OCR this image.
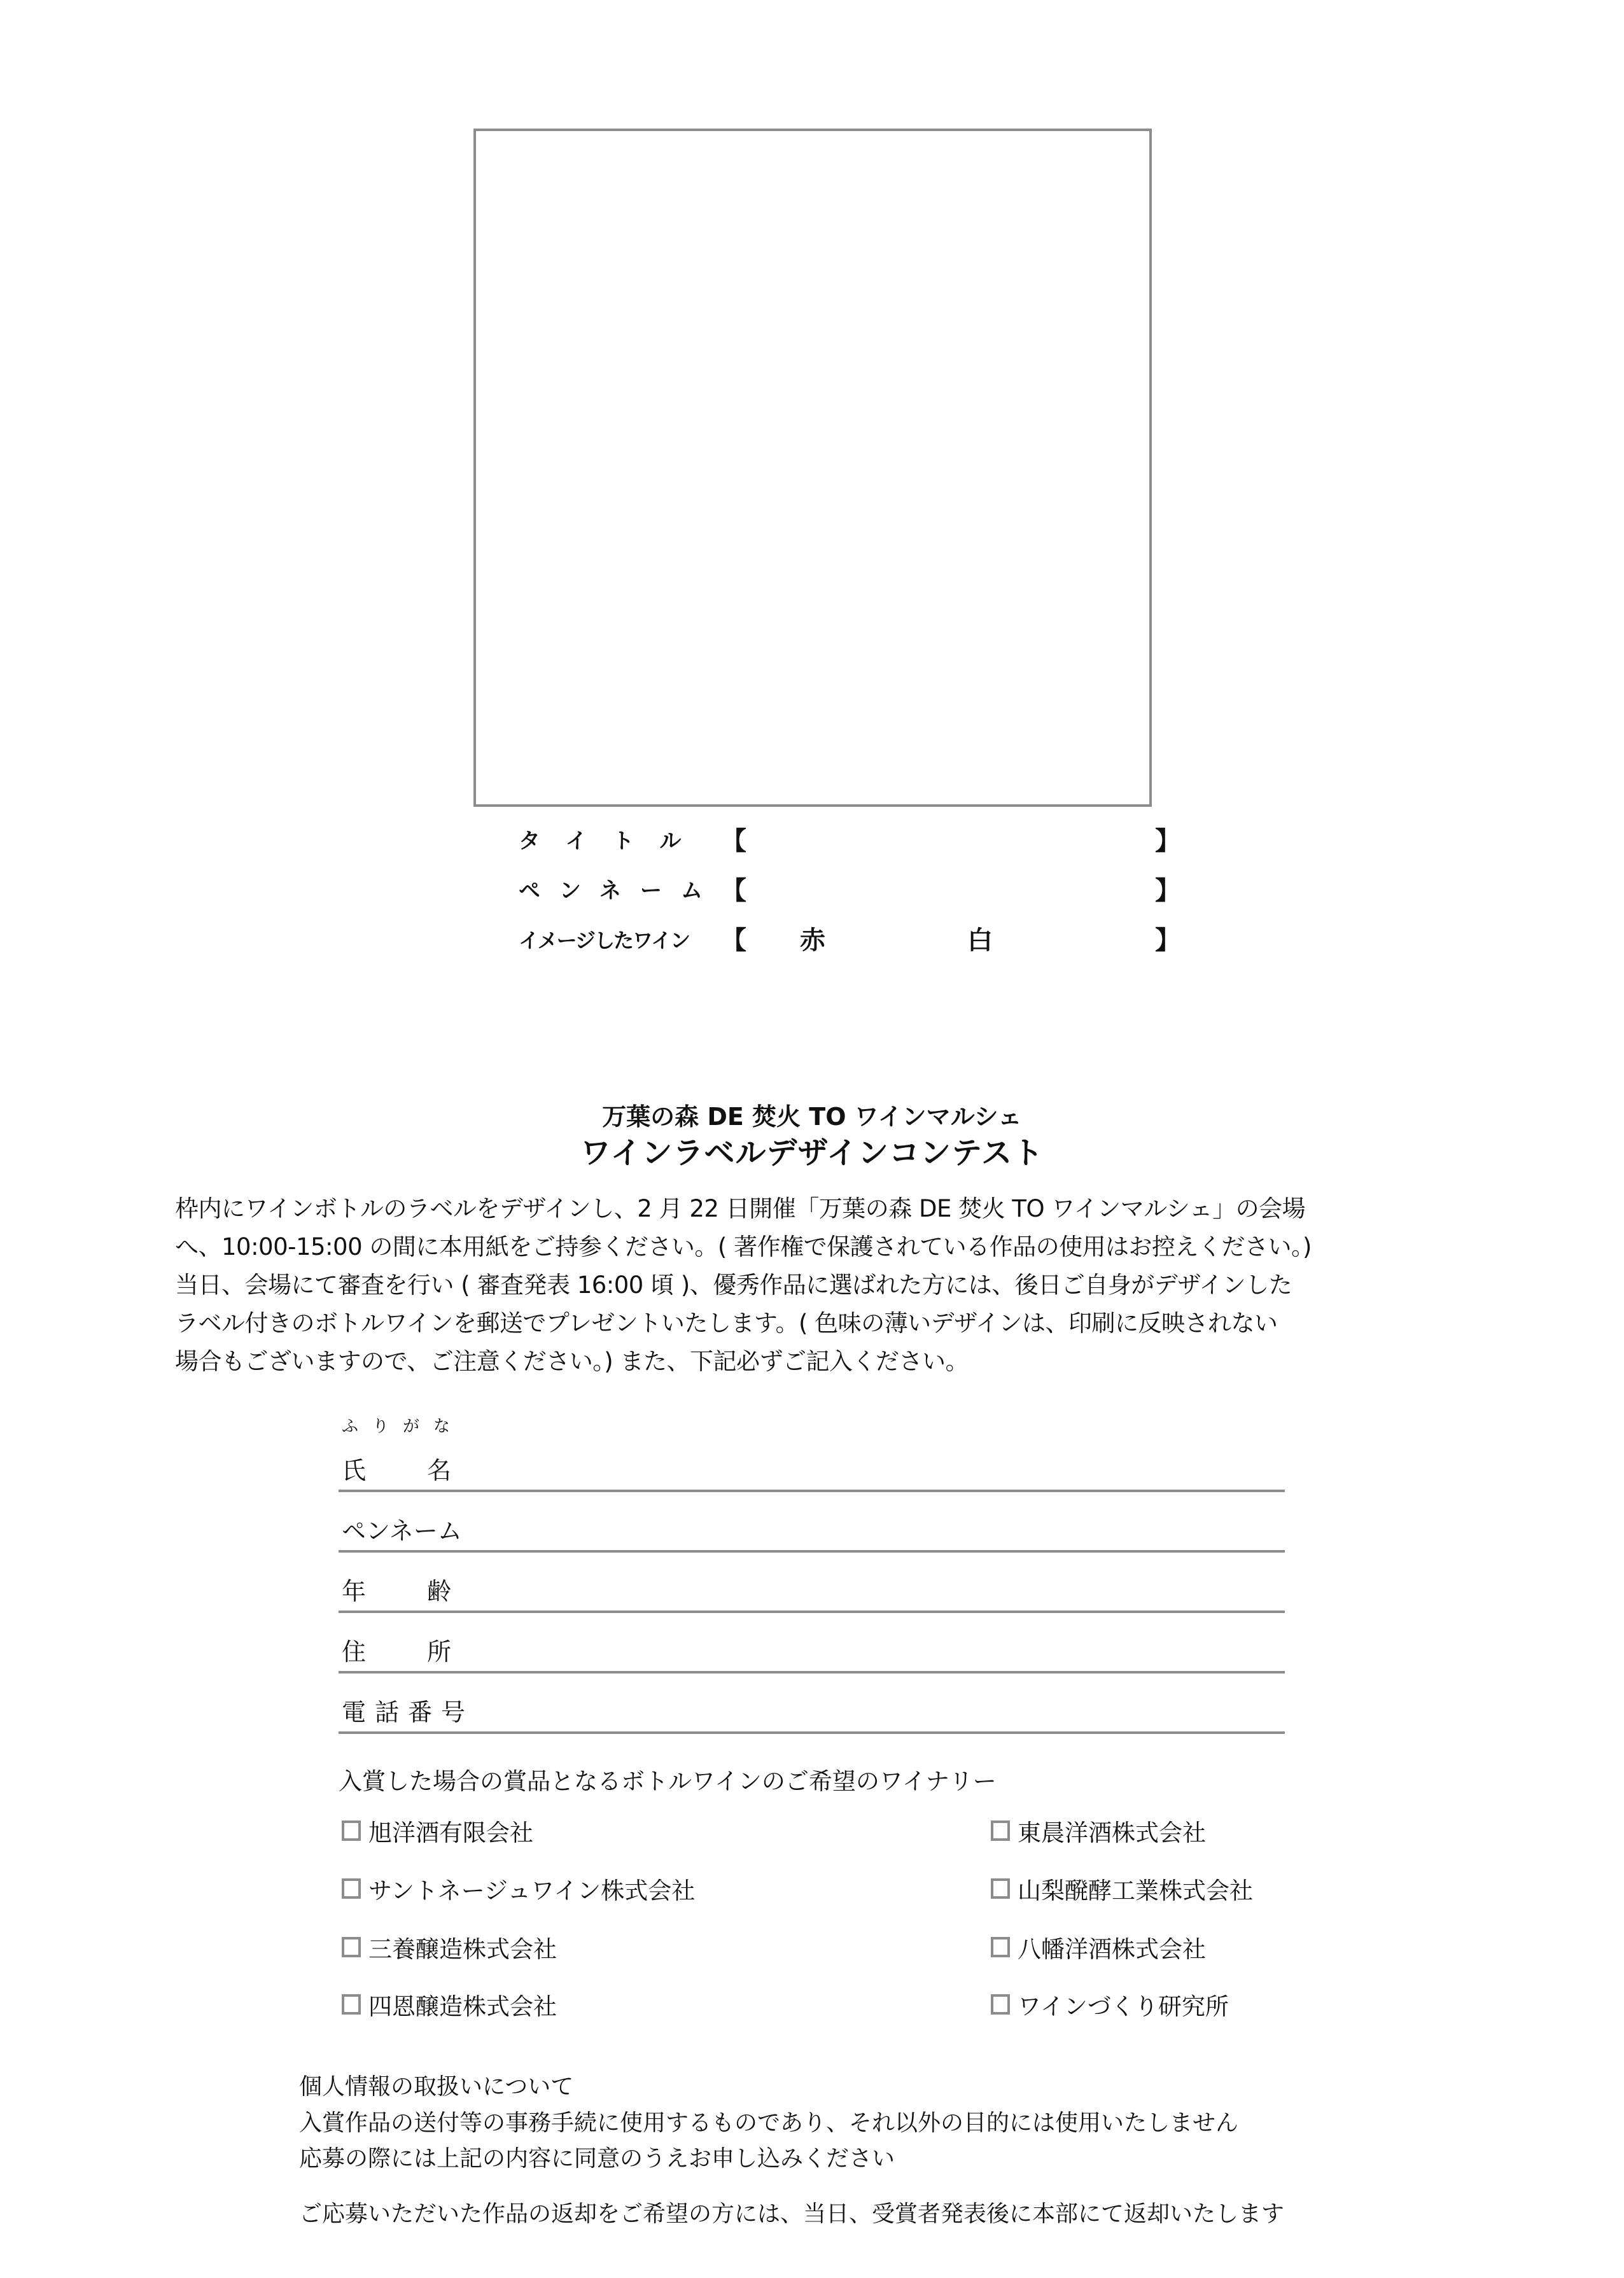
タイトル 【	】
ペンネーム 【	】
イメージしたワイン	【 赤	白	】
万葉の森 DE 焚火 TO ワインマルシェ
ワインラベルデザインコンテスト
枠内にワインボトルのラベルをデザインし、2 月 22 日開催「万葉の森 DE 焚火 TO ワインマルシェ」の会場
へ、10:00-15:00 の間に本用紙をご持参ください。( 著作権で保護されている作品の使用はお控えください。)
当日、会場にて審査を行い ( 審査発表 16:00 頃 )、優秀作品に選ばれた方には、後日ご自身がデザインした
ラベル付きのボトルワインを郵送でプレゼントいたします。( 色味の薄いデザインは、印刷に反映されない
場合もございますので、ご注意ください。) また、下記必ずご記入ください。
ふりがな
氏名
ペンネーム
年齢
住所
電話番号
入賞した場合の賞品となるボトルワインのご希望のワイナリー
旭洋酒有限会社	東晨洋酒株式会社
サントネージュワイン株式会社	山梨醗酵工業株式会社
三養醸造株式会社	八幡洋酒株式会社
四恩醸造株式会社	ワインづくり研究所
個人情報の取扱いについて
入賞作品の送付等の事務手続に使用するものであり、それ以外の目的には使用いたしません
応募の際には上記の内容に同意のうえお申し込みください
ご応募いただいた作品の返却をご希望の方には、当日、受賞者発表後に本部にて返却いたします
